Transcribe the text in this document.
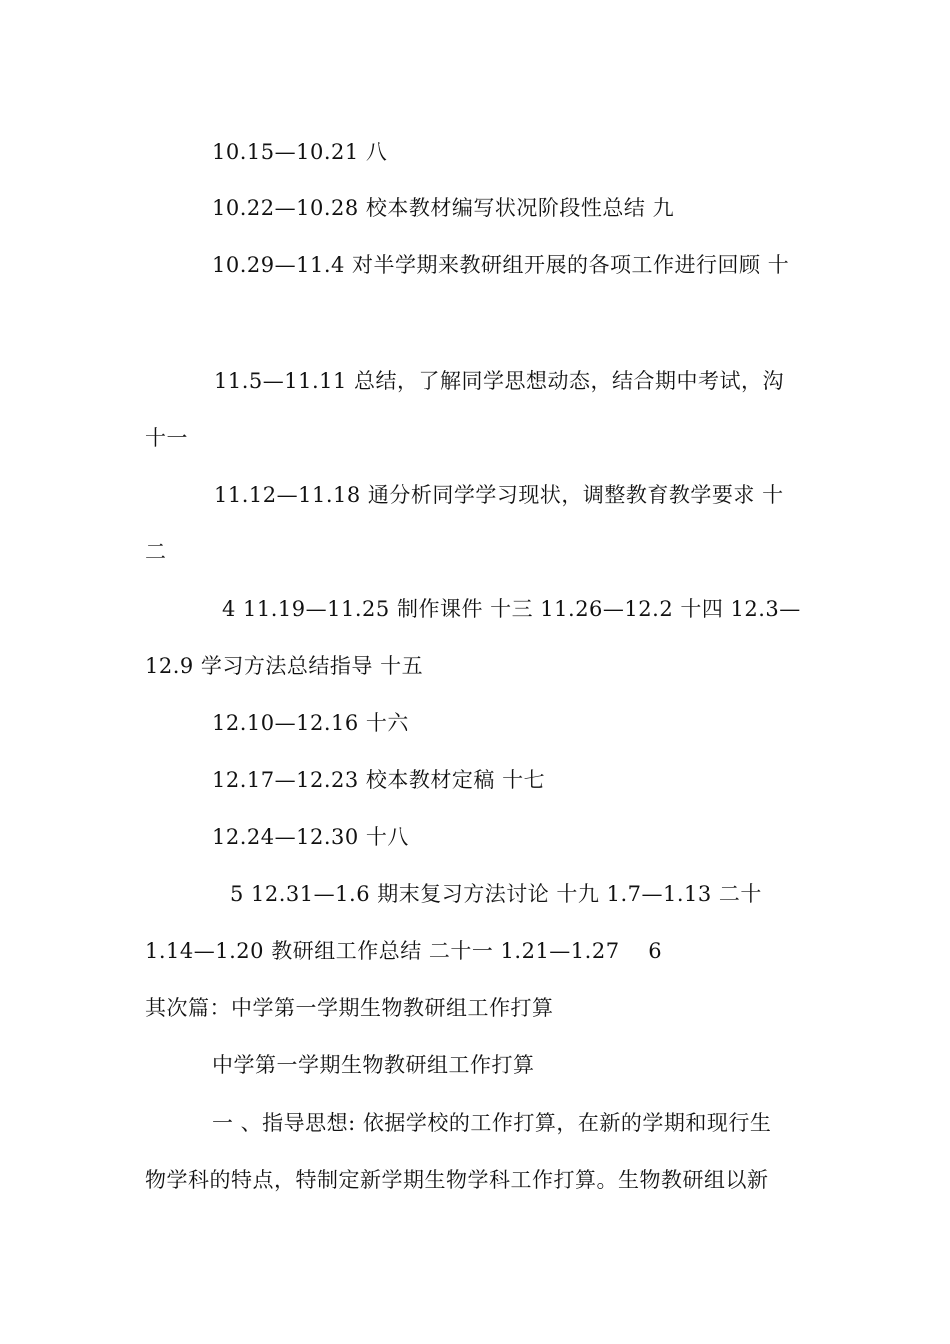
10.15—10.21 八
10.22—10.28 校本教材编写状况阶段性总结 九
10.29—11.4 对半学期来教研组开展的各项工作进行回顾 十
11.5—11.11 总结，了解同学思想动态，结合期中考试，沟
十一
11.12—11.18 通分析同学学习现状，调整教育教学要求 十
二
4 11.19—11.25 制作课件 十三 11.26—12.2 十四 12.3—
12.9 学习方法总结指导 十五
12.10—12.16 十六
12.17—12.23 校本教材定稿 十七
12.24—12.30 十八
5 12.31—1.6 期末复习方法讨论 十九 1.7—1.13 二十
1.14—1.20 教研组工作总结 二十一 1.21—1.27    6
其次篇：中学第一学期生物教研组工作打算
中学第一学期生物教研组工作打算
一 、指导思想: 依据学校的工作打算，在新的学期和现行生
物学科的特点，特制定新学期生物学科工作打算。生物教研组以新
